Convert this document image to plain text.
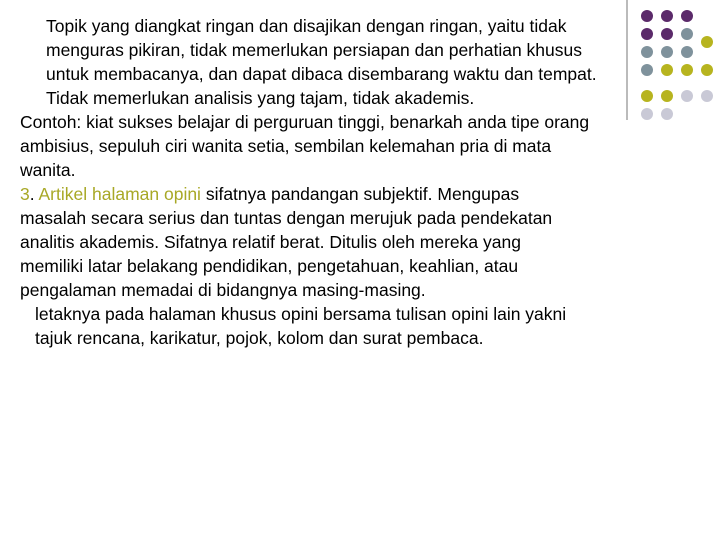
Topik yang diangkat ringan dan disajikan dengan ringan, yaitu tidak
menguras pikiran, tidak memerlukan persiapan dan perhatian khusus
untuk membacanya, dan dapat dibaca disembarang waktu dan tempat.
Tidak memerlukan analisis yang tajam, tidak akademis.

Contoh: kiat sukses belajar di perguruan tinggi, benarkah anda tipe orang
ambisius, sepuluh ciri wanita setia, sembilan kelemahan pria di mata
wanita.

3. Artikel halaman opini sifatnya pandangan subjektif. Mengupas
masalah secara serius dan tuntas dengan merujuk pada pendekatan
analitis akademis. Sifatnya relatif berat. Ditulis oleh mereka yang
memiliki latar belakang pendidikan, pengetahuan, keahlian, atau
pengalaman memadai di bidangnya masing-masing.

letaknya pada halaman khusus opini bersama tulisan opini lain yakni
tajuk rencana, karikatur, pojok, kolom dan surat pembaca.
